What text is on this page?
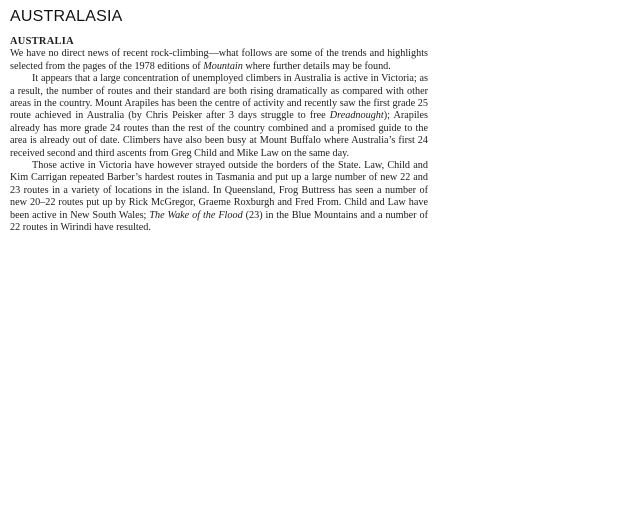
AUSTRALASIA
AUSTRALIA

We have no direct news of recent rock-climbing—what follows are some of the trends and highlights selected from the pages of the 1978 editions of Mountain where further details may be found.

It appears that a large concentration of unemployed climbers in Australia is active in Victoria; as a result, the number of routes and their standard are both rising dramatically as compared with other areas in the country. Mount Arapiles has been the centre of activity and recently saw the first grade 25 route achieved in Australia (by Chris Peisker after 3 days struggle to free Dreadnought); Arapiles already has more grade 24 routes than the rest of the country combined and a promised guide to the area is already out of date. Climbers have also been busy at Mount Buffalo where Australia’s first 24 received second and third ascents from Greg Child and Mike Law on the same day.

Those active in Victoria have however strayed outside the borders of the State. Law, Child and Kim Carrigan repeated Barber’s hardest routes in Tasmania and put up a large number of new 22 and 23 routes in a variety of locations in the island. In Queensland, Frog Buttress has seen a number of new 20–22 routes put up by Rick McGregor, Graeme Roxburgh and Fred From. Child and Law have been active in New South Wales; The Wake of the Flood (23) in the Blue Mountains and a number of 22 routes in Wirindi have resulted.
